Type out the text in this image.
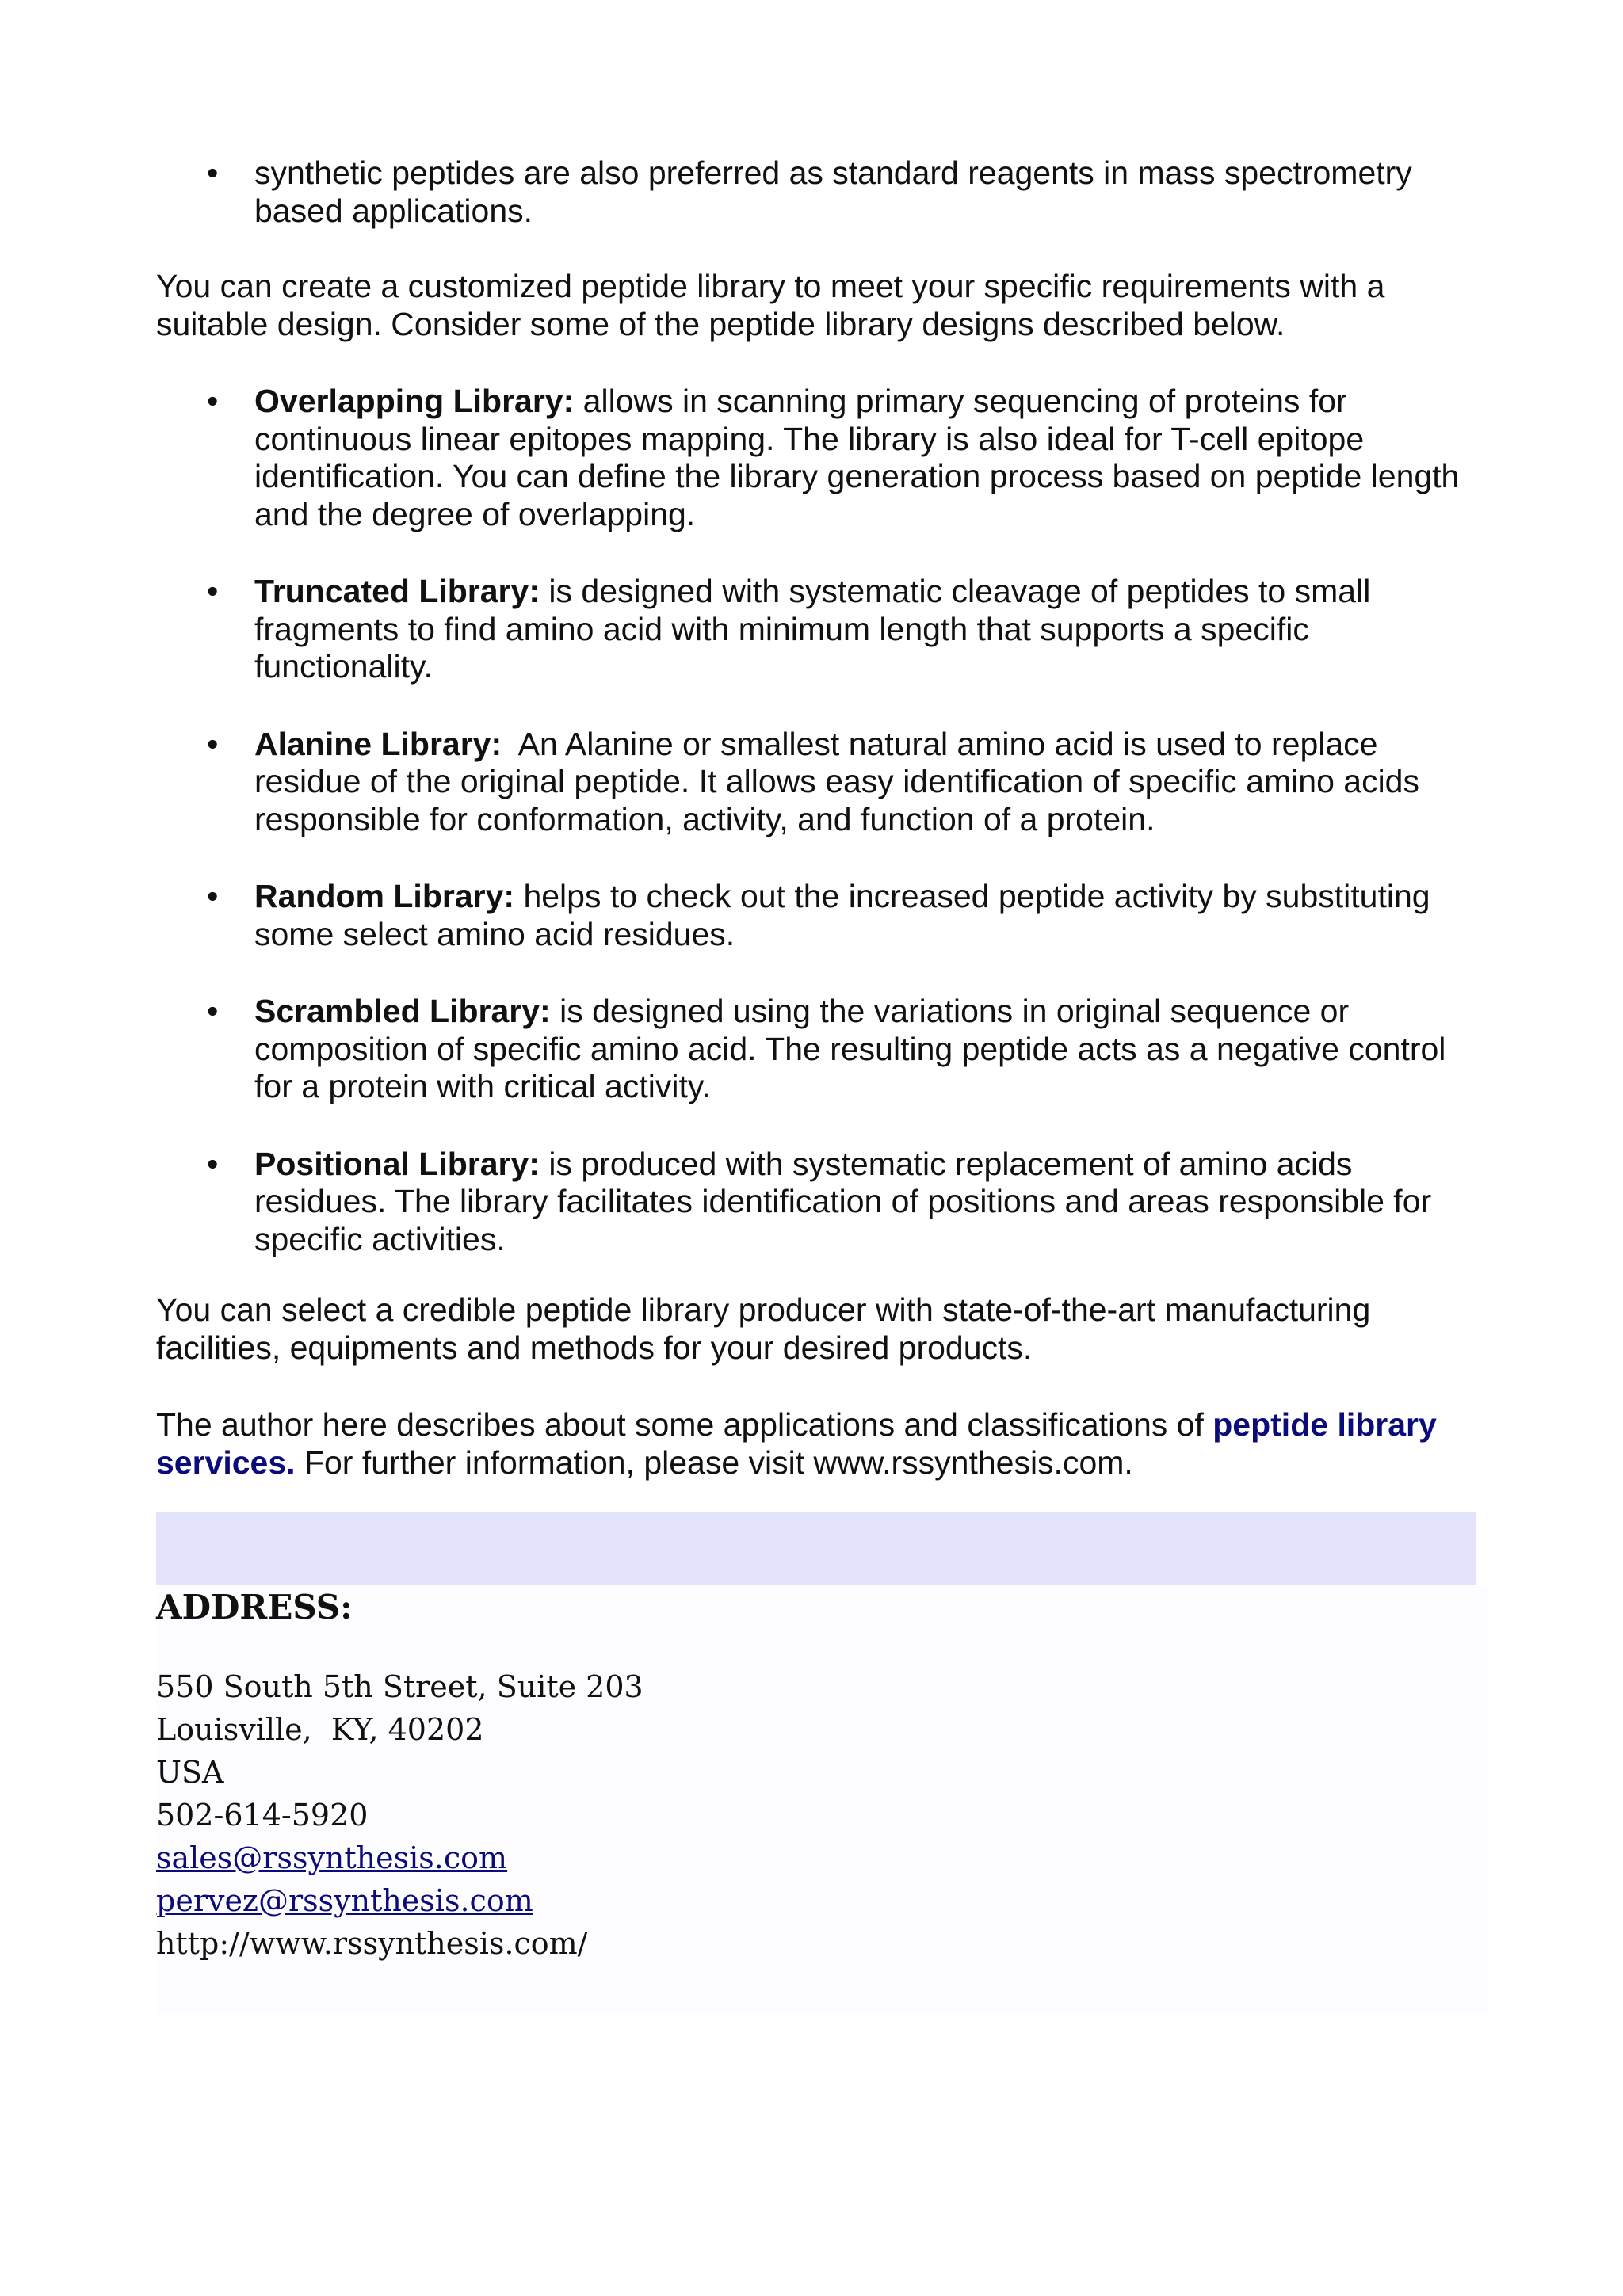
• synthetic peptides are also preferred as standard reagents in mass spectrometry based applications.

You can create a customized peptide library to meet your specific requirements with a suitable design. Consider some of the peptide library designs described below.

• Overlapping Library: allows in scanning primary sequencing of proteins for continuous linear epitopes mapping. The library is also ideal for T-cell epitope identification. You can define the library generation process based on peptide length and the degree of overlapping.
• Truncated Library: is designed with systematic cleavage of peptides to small fragments to find amino acid with minimum length that supports a specific functionality.
• Alanine Library: An Alanine or smallest natural amino acid is used to replace residue of the original peptide. It allows easy identification of specific amino acids responsible for conformation, activity, and function of a protein.
• Random Library: helps to check out the increased peptide activity by substituting some select amino acid residues.
• Scrambled Library: is designed using the variations in original sequence or composition of specific amino acid. The resulting peptide acts as a negative control for a protein with critical activity.
• Positional Library: is produced with systematic replacement of amino acids residues. The library facilitates identification of positions and areas responsible for specific activities.

You can select a credible peptide library producer with state-of-the-art manufacturing facilities, equipments and methods for your desired products.

The author here describes about some applications and classifications of peptide library services. For further information, please visit www.rssynthesis.com.

ADDRESS:
550 South 5th Street, Suite 203
Louisville,  KY, 40202
USA
502-614-5920
sales@rssynthesis.com
pervez@rssynthesis.com
http://www.rssynthesis.com/
